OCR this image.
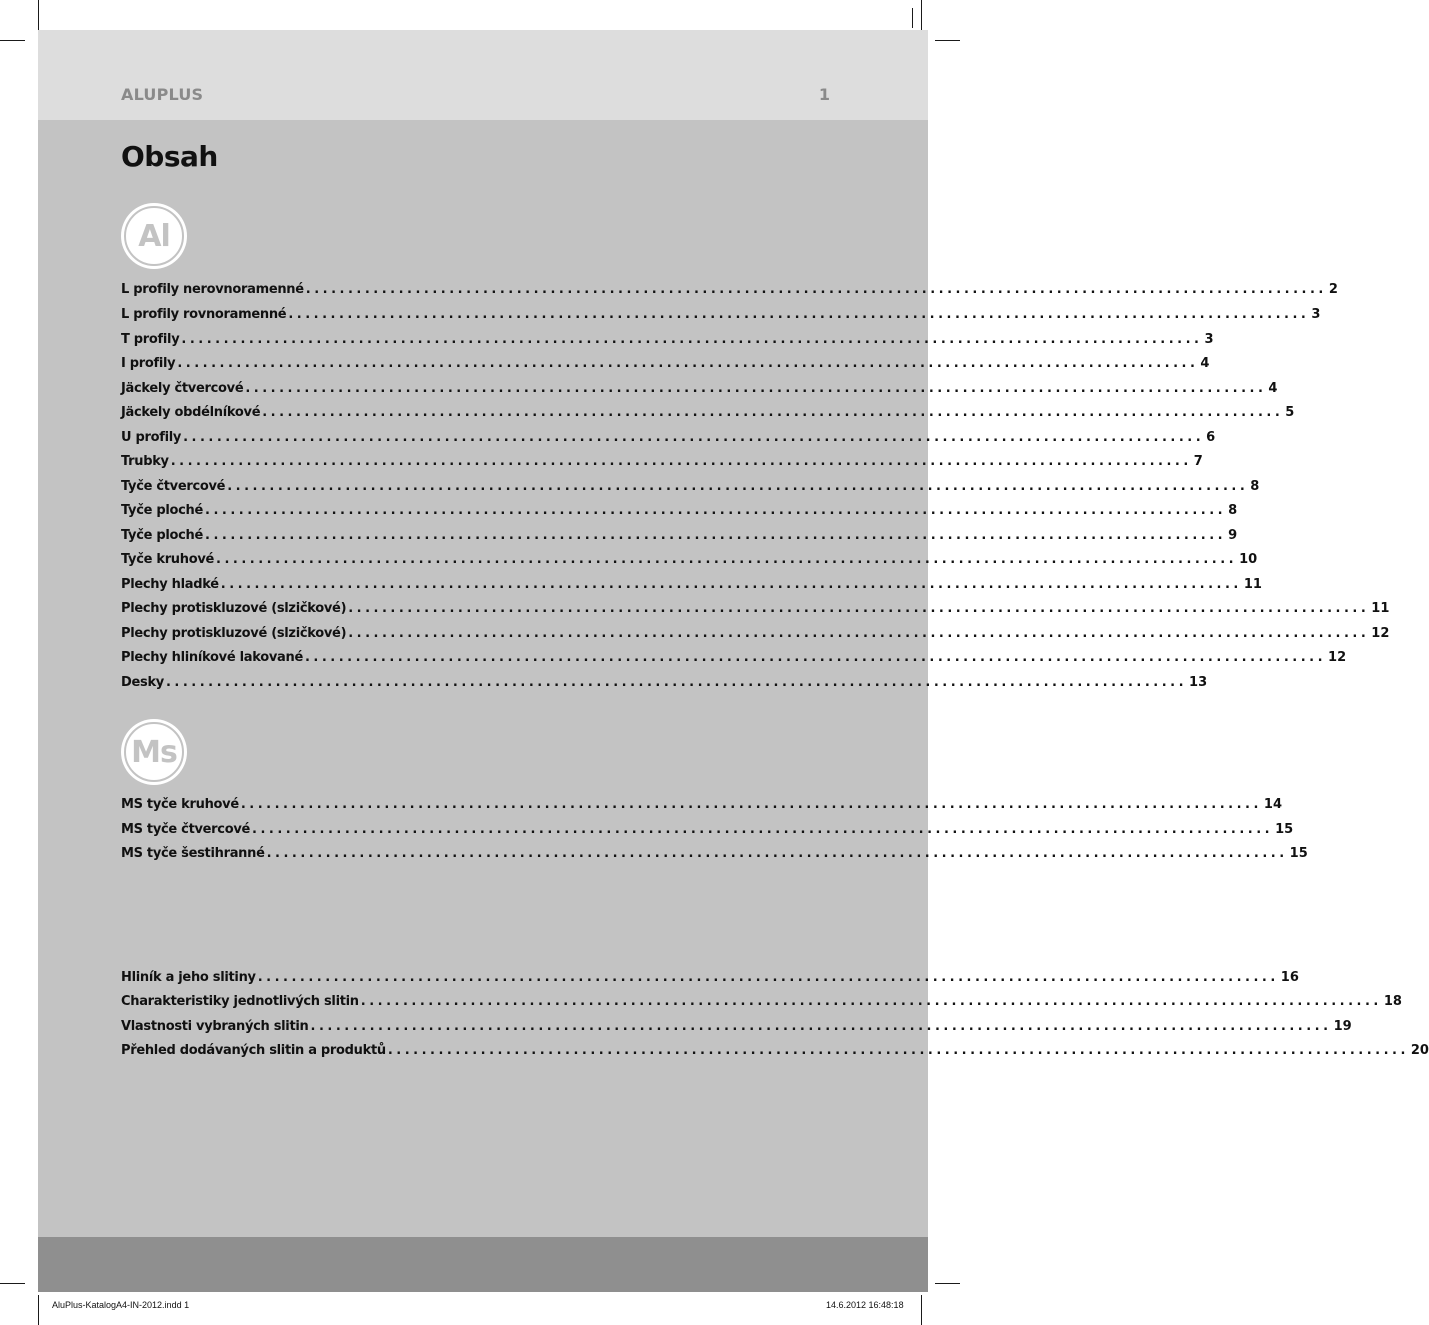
ALUPLUS	1
Obsah
Al
L profily nerovnoramenné ......................................................................................................................... 2
L profily rovnoramenné ......................................................................................................................... 3
T profily ......................................................................................................................... 3
I profily ......................................................................................................................... 4
Jäckely čtvercové ......................................................................................................................... 4
Jäckely obdélníkové ......................................................................................................................... 5
U profily ......................................................................................................................... 6
Trubky ......................................................................................................................... 7
Tyče čtvercové ......................................................................................................................... 8
Tyče ploché ......................................................................................................................... 8
Tyče ploché ......................................................................................................................... 9
Tyče kruhové ......................................................................................................................... 10
Plechy hladké ......................................................................................................................... 11
Plechy protiskluzové (slzičkové) ......................................................................................................................... 11
Plechy protiskluzové (slzičkové) ......................................................................................................................... 12
Plechy hliníkové lakované ......................................................................................................................... 12
Desky ......................................................................................................................... 13
Ms
MS tyče kruhové ......................................................................................................................... 14
MS tyče čtvercové ......................................................................................................................... 15
MS tyče šestihranné ......................................................................................................................... 15
Hliník a jeho slitiny ......................................................................................................................... 16
Charakteristiky jednotlivých slitin ......................................................................................................................... 18
Vlastnosti vybraných slitin ......................................................................................................................... 19
Přehled dodávaných slitin a produktů ......................................................................................................................... 20
AluPlus-KatalogA4-IN-2012.indd 1	14.6.2012 16:48:18
